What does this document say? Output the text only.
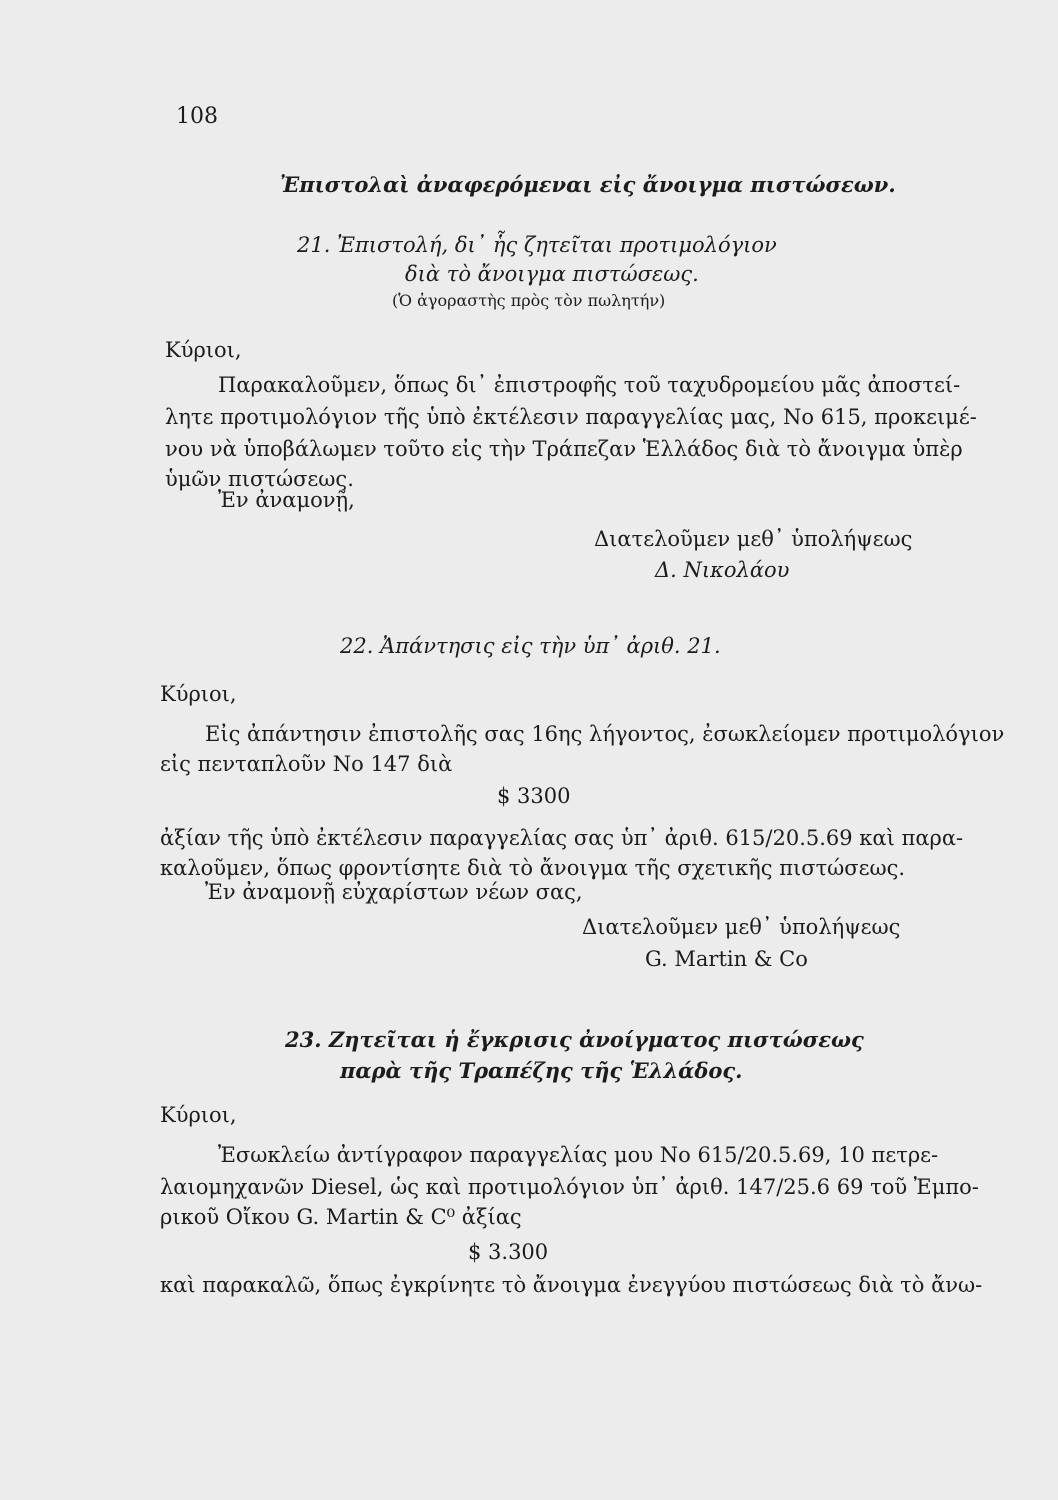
108
Ἐπιστολαὶ ἀναφερόμεναι εἰς ἄνοιγμα πιστώσεων.
21. Ἐπιστολή, δι᾿ ἧς ζητεῖται προτιμολόγιον
διὰ τὸ ἄνοιγμα πιστώσεως.
(Ὁ ἀγοραστὴς πρὸς τὸν πωλητήν)
Κύριοι,
Παρακαλοῦμεν, ὅπως δι᾿ ἐπιστροφῆς τοῦ ταχυδρομείου μᾶς ἀποστεί-
λητε προτιμολόγιον τῆς ὑπὸ ἐκτέλεσιν παραγγελίας μας, Νο 615, προκειμέ-
νου νὰ ὑποβάλωμεν τοῦτο εἰς τὴν Τράπεζαν Ἑλλάδος διὰ τὸ ἄνοιγμα ὑπὲρ
ὑμῶν πιστώσεως.
Ἐν ἀναμονῇ,
Διατελοῦμεν μεθ᾿ ὑπολήψεως
Δ. Νικολάου
22. Ἀπάντησις εἰς τὴν ὑπ᾿ ἀριθ. 21.
Κύριοι,
Εἰς ἀπάντησιν ἐπιστολῆς σας 16ης λήγοντος, ἐσωκλείομεν προτιμολόγιον
εἰς πενταπλοῦν Νο 147 διὰ
$ 3300
ἀξίαν τῆς ὑπὸ ἐκτέλεσιν παραγγελίας σας ὑπ᾿ ἀριθ. 615/20.5.69 καὶ παρα-
καλοῦμεν, ὅπως φροντίσητε διὰ τὸ ἄνοιγμα τῆς σχετικῆς πιστώσεως.
Ἐν ἀναμονῇ εὐχαρίστων νέων σας,
Διατελοῦμεν μεθ᾿ ὑπολήψεως
G. Martin & Co
23. Ζητεῖται ἡ ἔγκρισις ἀνοίγματος πιστώσεως
παρὰ τῆς Τραπέζης τῆς Ἑλλάδος.
Κύριοι,
Ἐσωκλείω ἀντίγραφον παραγγελίας μου Νο 615/20.5.69, 10 πετρε-
λαιομηχανῶν Diesel, ὡς καὶ προτιμολόγιον ὑπ᾿ ἀριθ. 147/25.6 69 τοῦ Ἐμπο-
ρικοῦ Οἴκου G. Martin & C⁰ ἀξίας
$ 3.300
καὶ παρακαλῶ, ὅπως ἐγκρίνητε τὸ ἄνοιγμα ἐνεγγύου πιστώσεως διὰ τὸ ἄνω-
